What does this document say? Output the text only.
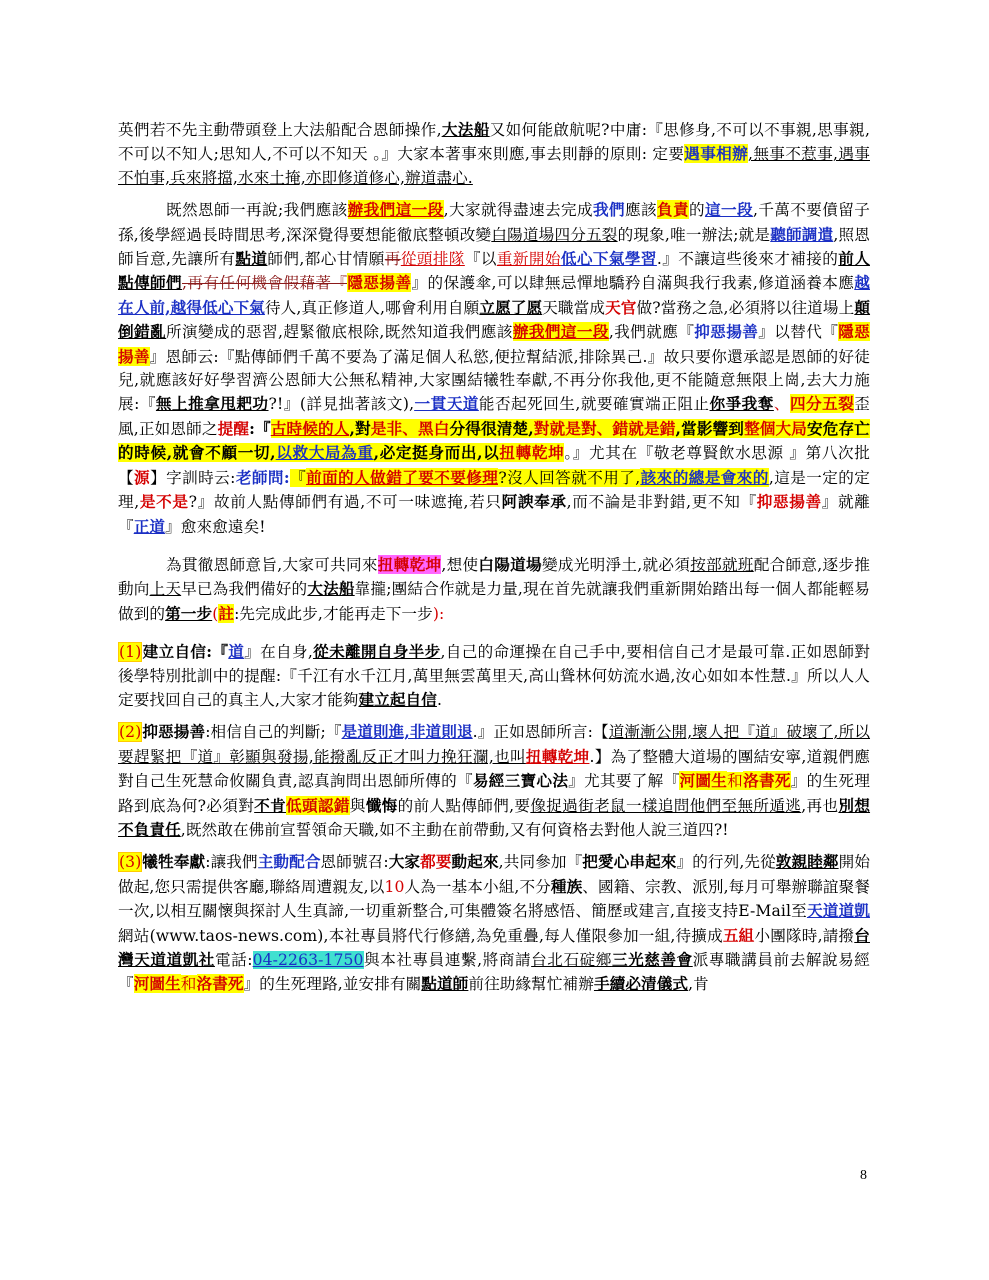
英們若不先主動帶頭登上大法船配合恩師操作,大法船又如何能啟航呢?中庸:『思修身,不可以不事親,思事親,不可以不知人;思知人,不可以不知天 。』大家本著事來則應,事去則靜的原則: 定要遇事相辦,無事不惹事,遇事不怕事,兵來將擋,水來土掩,亦即修道修心,辦道盡心.

既然恩師一再說;我們應該辦我們這一段,大家就得盡速去完成我們應該負責的這一段,千萬不要僨留子孫,後學經過長時間思考,深深覺得要想能徹底整頓改變白陽道場四分五裂的現象,唯一辦法;就是聽師調遣,照恩師旨意,先讓所有點道師們,都心甘情願再從頭排隊『以重新開始低心下氣學習.』不讓這些後來才補接的前人點傳師們,再有任何機會假藉著『隱惡揚善』的保護傘,可以肆無忌憚地驕矜自滿與我行我素,修道涵養本應越在人前,越得低心下氣待人,真正修道人,哪會利用自願立愿了愿天職當成天官做?當務之急,必須將以往道場上顛倒錯亂所演變成的惡習,趕緊徹底根除,既然知道我們應該辦我們這一段,我們就應『抑惡揚善』以替代『隱惡揚善』恩師云:『點傳師們千萬不要為了滿足個人私慾,便拉幫結派,排除異己.』故只要你還承認是恩師的好徒兒,就應該好好學習濟公恩師大公無私精神,大家團結犧牲奉獻,不再分你我他,更不能隨意無限上崗,去大力施展:『無上推拿甩耙功?!』(詳見拙著該文),一貫天道能否起死回生,就要確實端正阻止你爭我奪、四分五裂歪風,正如恩師之提醒:『古時候的人,對是非、黑白分得很清楚,對就是對、錯就是錯,當影響到整個大局安危存亡的時候,就會不顧一切,以救大局為重,必定挺身而出,以扭轉乾坤。』尤其在『敬老尊賢飲水思源 』第八次批【源】字訓時云:老師問:『前面的人做錯了要不要修理?沒人回答就不用了,該來的總是會來的,這是一定的定理,是不是?』故前人點傳師們有過,不可一味遮掩,若只阿諛奉承,而不論是非對錯,更不知『抑惡揚善』就離『正道』愈來愈遠矣!

為貫徹恩師意旨,大家可共同來扭轉乾坤,想使白陽道場變成光明淨土,就必須按部就班配合師意,逐步推動向上天早已為我們備好的大法船靠攏;團結合作就是力量,現在首先就讓我們重新開始踏出每一個人都能輕易做到的第一步(註:先完成此步,才能再走下一步):

(1)建立自信:『道』在自身,從未離開自身半步,自己的命運操在自己手中,要相信自己才是最可靠.正如恩師對後學特別批訓中的提醒:『千江有水千江月,萬里無雲萬里天,高山聳林何妨流水過,汝心如如本性慧.』所以人人定要找回自己的真主人,大家才能夠建立起自信.

(2)抑惡揚善:相信自己的判斷;『是道則進,非道則退.』正如恩師所言:【道漸漸公開,壞人把『道』破壞了,所以要趕緊把『道』彰顯與發揚,能撥亂反正才叫力挽狂瀾,也叫扭轉乾坤.】為了整體大道場的團結安寧,道親們應對自己生死慧命攸關負責,認真詢問出恩師所傳的『易經三寶心法』尤其要了解『河圖生和洛書死』的生死理路到底為何?必須對不肯低頭認錯與懺悔的前人點傳師們,要像捉過街老鼠一樣追問他們至無所遁逃,再也別想不負責任,既然敢在佛前宣誓領命天職,如不主動在前帶動,又有何資格去對他人說三道四?!

(3)犧牲奉獻:讓我們主動配合恩師號召:大家都要動起來,共同參加『把愛心串起來』的行列,先從敦親睦鄰開始做起,您只需提供客廳,聯絡周遭親友,以10人為一基本小組,不分種族、國籍、宗教、派別,每月可舉辦聯誼聚餐一次,以相互關懷與探討人生真諦,一切重新整合,可集體簽名將感悟、簡歷或建言,直接支持E-Mail至天道道凱網站(www.taos-news.com),本社專員將代行修繕,為免重疊,每人僅限參加一組,待擴成五組小團隊時,請撥台灣天道道凱社電話:04-2263-1750與本社專員連繫,將商請台北石碇鄉三光慈善會派專職講員前去解說易經『河圖生和洛書死』的生死理路,並安排有關點道師前往助緣幫忙補辦手續必清儀式,肯

8
